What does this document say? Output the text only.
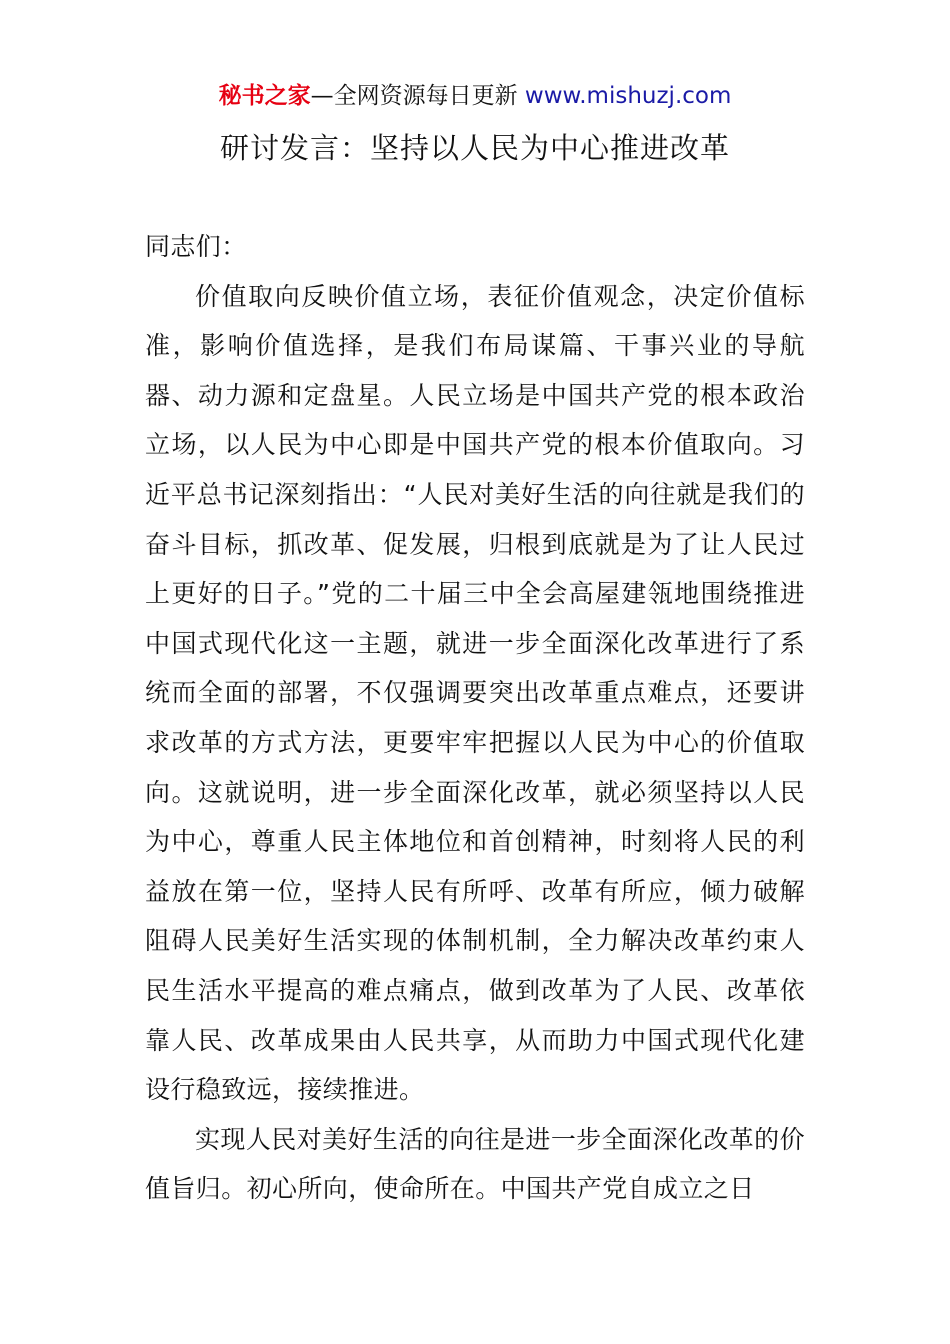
秘书之家—全网资源每日更新 www.mishuzj.com
研讨发言：坚持以人民为中心推进改革

同志们：

价值取向反映价值立场，表征价值观念，决定价值标准，影响价值选择，是我们布局谋篇、干事兴业的导航器、动力源和定盘星。人民立场是中国共产党的根本政治立场，以人民为中心即是中国共产党的根本价值取向。习近平总书记深刻指出：“人民对美好生活的向往就是我们的奋斗目标，抓改革、促发展，归根到底就是为了让人民过上更好的日子。”党的二十届三中全会高屋建瓴地围绕推进中国式现代化这一主题，就进一步全面深化改革进行了系统而全面的部署，不仅强调要突出改革重点难点，还要讲求改革的方式方法，更要牢牢把握以人民为中心的价值取向。这就说明，进一步全面深化改革，就必须坚持以人民为中心，尊重人民主体地位和首创精神，时刻将人民的利益放在第一位，坚持人民有所呼、改革有所应，倾力破解阻碍人民美好生活实现的体制机制，全力解决改革约束人民生活水平提高的难点痛点，做到改革为了人民、改革依靠人民、改革成果由人民共享，从而助力中国式现代化建设行稳致远，接续推进。

实现人民对美好生活的向往是进一步全面深化改革的价值旨归。初心所向，使命所在。中国共产党自成立之日
